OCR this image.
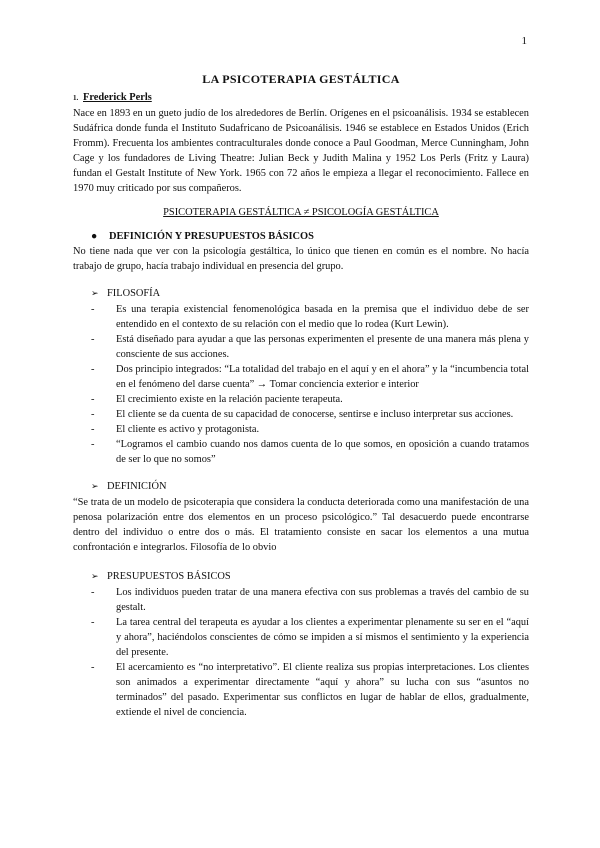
1
LA PSICOTERAPIA GESTÁLTICA
1. Frederick Perls

Nace en 1893 en un gueto judío de los alrededores de Berlín. Orígenes en el psicoanálisis. 1934 se establecen Sudáfrica donde funda el Instituto Sudafricano de Psicoanálisis. 1946 se establece en Estados Unidos (Erich Fromm). Frecuenta los ambientes contraculturales donde conoce a Paul Goodman, Merce Cunningham, John Cage y los fundadores de Living Theatre: Julian Beck y Judith Malina y 1952 Los Perls (Fritz y Laura) fundan el Gestalt Institute of New York. 1965 con 72 años le empieza a llegar el reconocimiento. Fallece en 1970 muy criticado por sus compañeros.

PSICOTERAPIA GESTÁLTICA ≠ PSICOLOGÍA GESTÁLTICA
●	DEFINICIÓN Y PRESUPUESTOS BÁSICOS

No tiene nada que ver con la psicología gestáltica, lo único que tienen en común es el nombre. No hacía trabajo de grupo, hacía trabajo individual en presencia del grupo.

➢ FILOSOFÍA
-	Es una terapia existencial fenomenológica basada en la premisa que el individuo debe de ser entendido en el contexto de su relación con el medio que lo rodea (Kurt Lewin).
-	Está diseñado para ayudar a que las personas experimenten el presente de una manera más plena y consciente de sus acciones.
-	Dos principio integrados: “La totalidad del trabajo en el aquí y en el ahora” y la “incumbencia total en el fenómeno del darse cuenta” → Tomar conciencia exterior e interior
-	El crecimiento existe en la relación paciente terapeuta.
-	El cliente se da cuenta de su capacidad de conocerse, sentirse e incluso interpretar sus acciones.
-	El cliente es activo y protagonista.
-	“Logramos el cambio cuando nos damos cuenta de lo que somos, en oposición a cuando tratamos de ser lo que no somos”
➢ DEFINICIÓN

“Se trata de un modelo de psicoterapia que considera la conducta deteriorada como una manifestación de una penosa polarización entre dos elementos en un proceso psicológico.” Tal desacuerdo puede encontrarse dentro del individuo o entre dos o más. El tratamiento consiste en sacar los elementos a una mutua confrontación e integrarlos. Filosofía de lo obvio

➢ PRESUPUESTOS BÁSICOS
-	Los individuos pueden tratar de una manera efectiva con sus problemas a través del cambio de su gestalt.
-	La tarea central del terapeuta es ayudar a los clientes a experimentar plenamente su ser en el “aquí y ahora”, haciéndolos conscientes de cómo se impiden a sí mismos el sentimiento y la experiencia del presente.
-	El acercamiento es “no interpretativo”. El cliente realiza sus propias interpretaciones. Los clientes son animados a experimentar directamente “aquí y ahora” su lucha con sus “asuntos no terminados” del pasado. Experimentar sus conflictos en lugar de hablar de ellos, gradualmente, extiende el nivel de conciencia.
